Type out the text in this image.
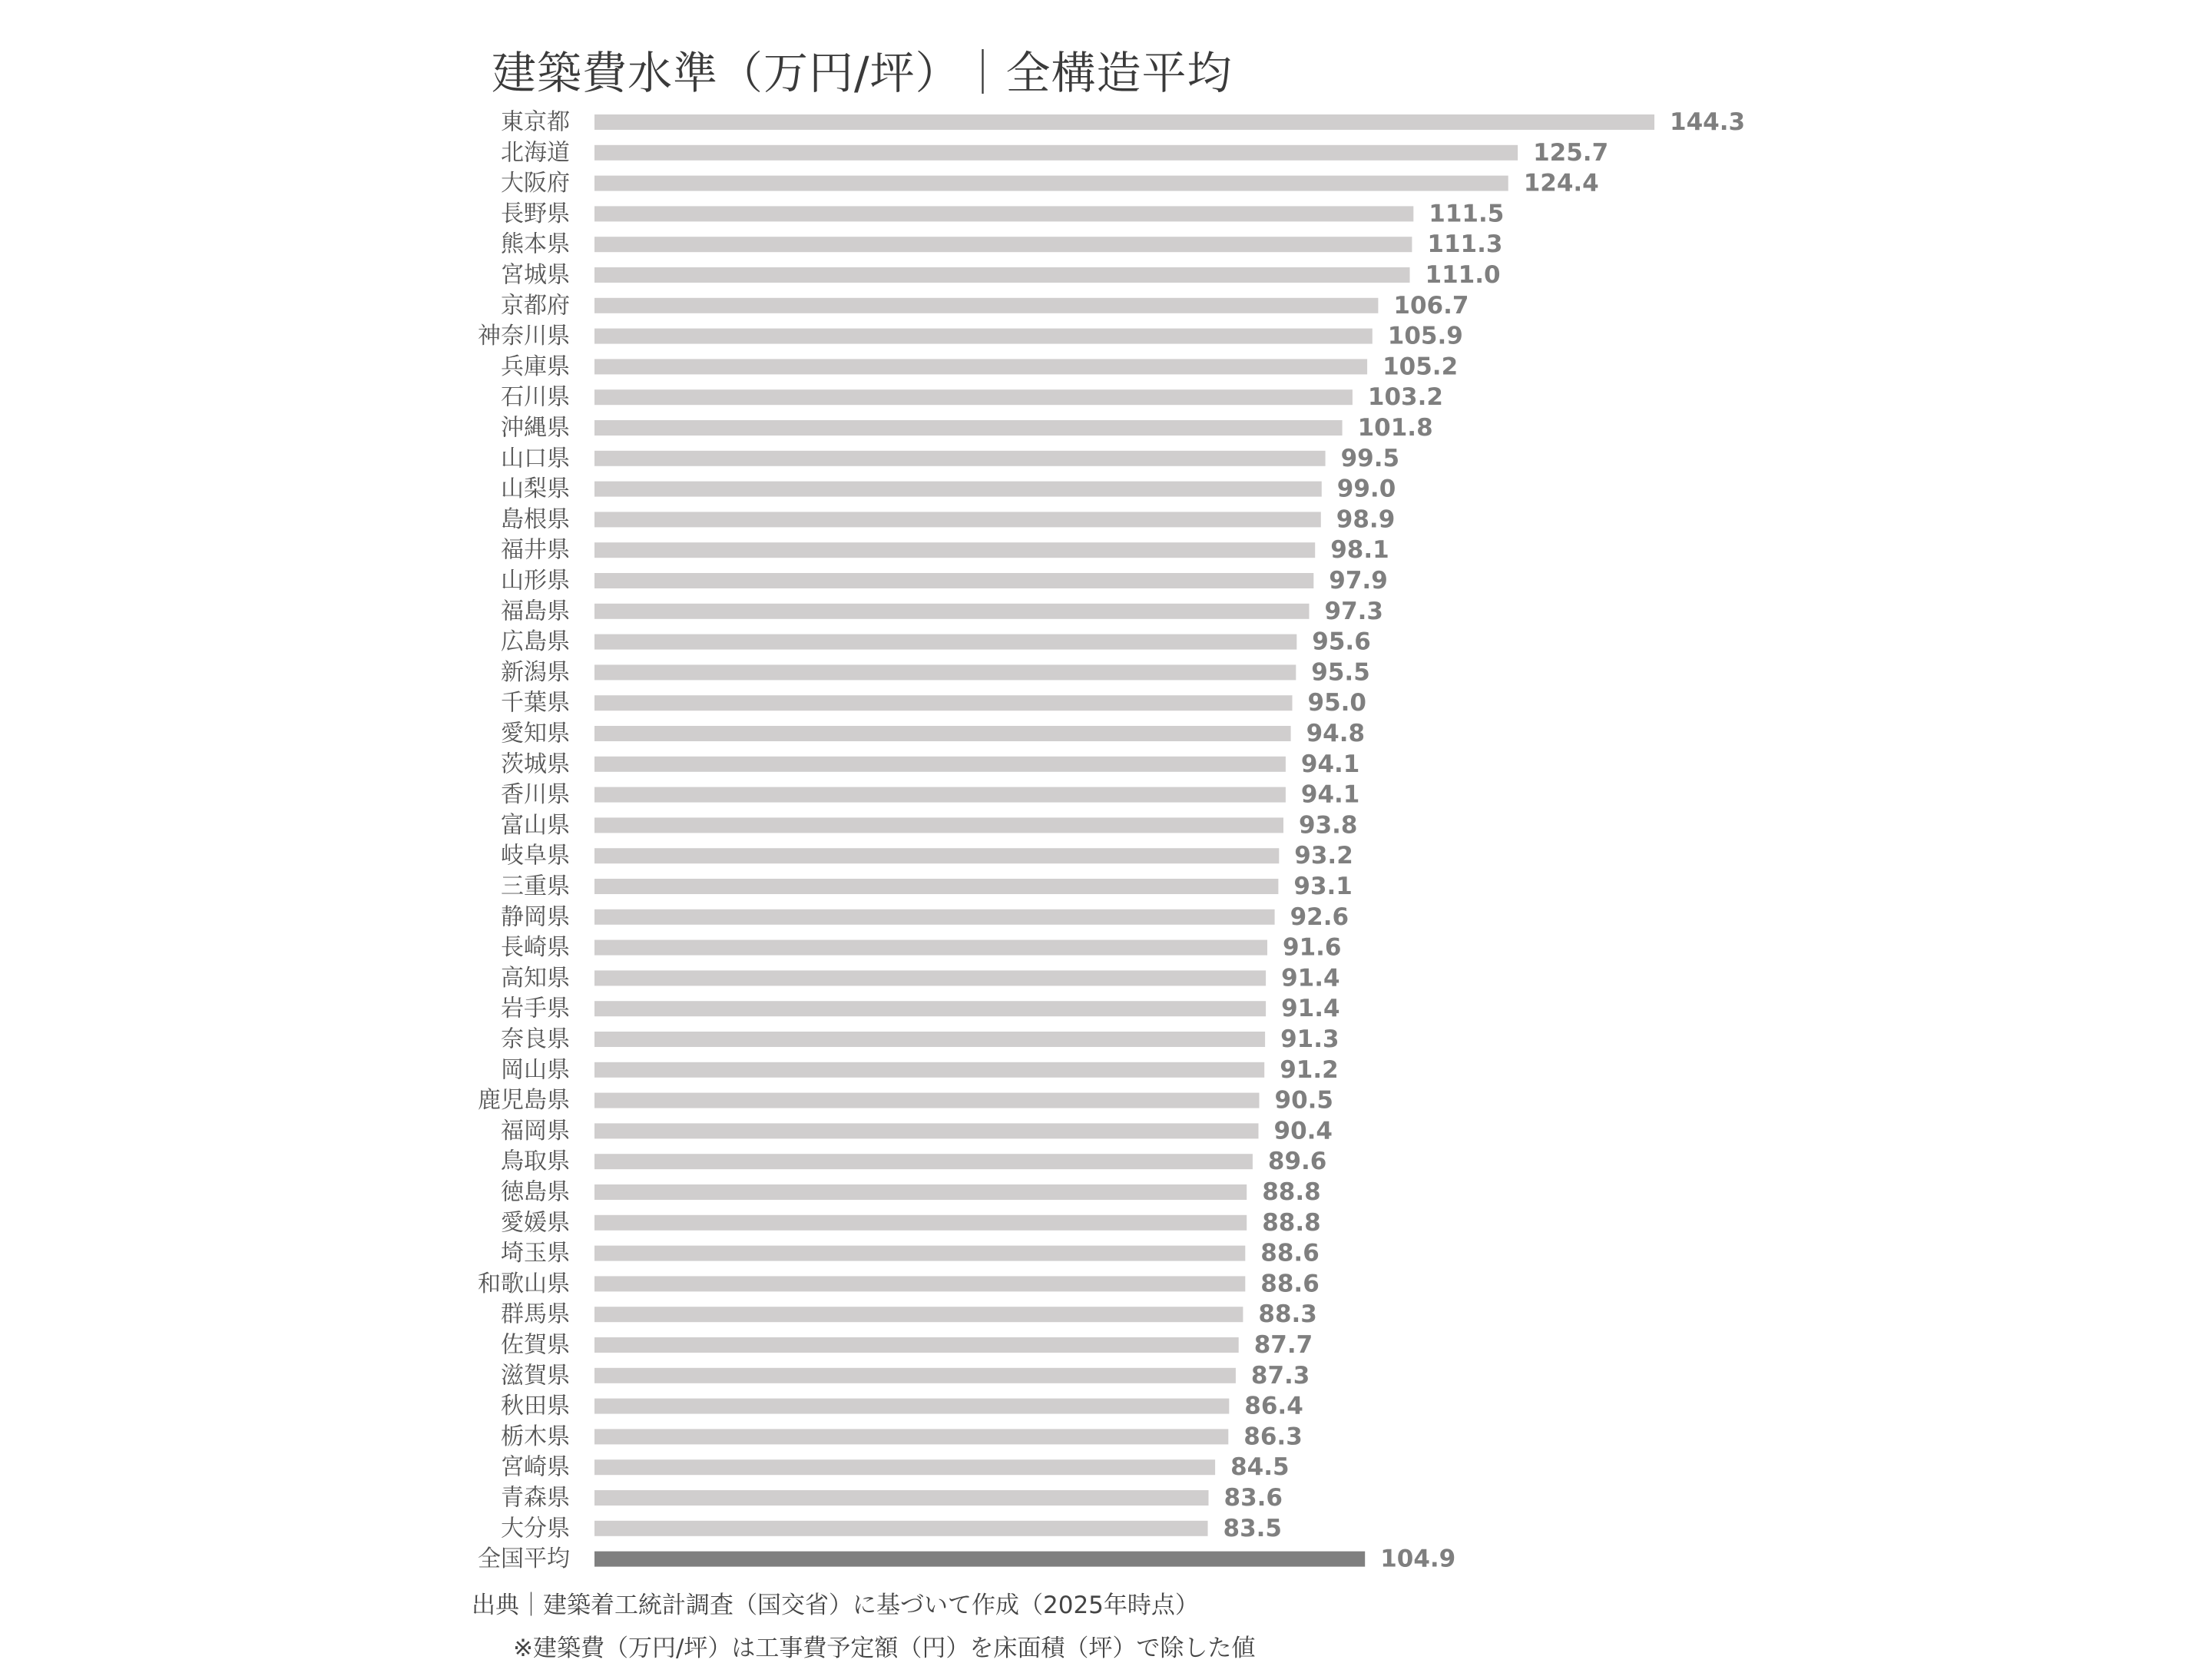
建築費水準（万円/坪）｜全構造平均
東京都
北海道
大阪府
長野県
熊本県
宮城県
京都府
神奈川県
兵庫県
石川県
沖縄県
山口県
山梨県
島根県
福井県
山形県
福島県
広島県
新潟県
千葉県
愛知県
茨城県
香川県
富山県
岐阜県
三重県
静岡県
長崎県
高知県
岩手県
奈良県
岡山県
鹿児島県
福岡県
鳥取県
徳島県
愛媛県
埼玉県
和歌山県
群馬県
佐賀県
滋賀県
秋田県
栃木県
宮崎県
青森県
大分県
全国平均
144.3
125.7
124.4
111.5
111.3
111.0
106.7
105.9
105.2
103.2
101.8
99.5
99.0
98.9
98.1
97.9
97.3
95.6
95.5
95.0
94.8
94.1
94.1
93.8
93.2
93.1
92.6
91.6
91.4
91.4
91.3
91.2
90.5
90.4
89.6
88.8
88.8
88.6
88.6
88.3
87.7
87.3
86.4
86.3
84.5
83.6
83.5
104.9
出典｜建築着工統計調査（国交省）に基づいて作成（2025年時点）
※建築費（万円/坪）は工事費予定額（円）を床面積（坪）で除した値
